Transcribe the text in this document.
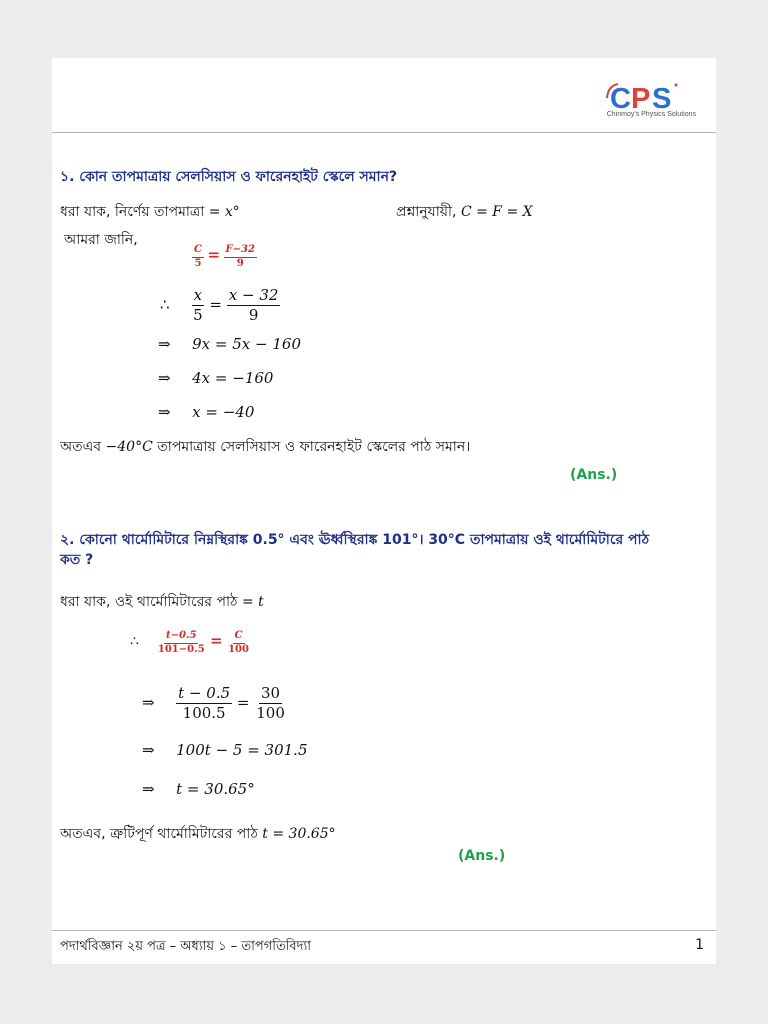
C P S
Chinmoy's Physics Solutions
১. কোন তাপমাত্রায় সেলসিয়াস ও ফারেনহাইট স্কেলে সমান?
ধরা যাক, নির্ণেয় তাপমাত্রা = x°	প্রশ্নানুযায়ী, C = F = X
আমরা জানি,
$\frac{C}{5} = \frac{F-32}{9}$
∴ $\frac{x}{5} = \frac{x - 32}{9}$
⇒ 9x = 5x − 160
⇒ 4x = −160
⇒ x = −40
অতএব −40°C তাপমাত্রায় সেলসিয়াস ও ফারেনহাইট স্কেলের পাঠ সমান।
(Ans.)
২. কোনো থার্মোমিটারে নিম্নস্থিরাঙ্ক 0.5° এবং ঊর্ধ্বস্থিরাঙ্ক 101°। 30°C তাপমাত্রায় ওই থার্মোমিটারে পাঠ
কত ?
ধরা যাক, ওই থার্মোমিটারের পাঠ = t
∴ $\frac{t-0.5}{101-0.5} = \frac{C}{100}$
⇒ $\frac{t - 0.5}{100.5} = \frac{30}{100}$
⇒ 100t − 5 = 301.5
⇒ t = 30.65°
অতএব, ত্রুটিপূর্ণ থার্মোমিটারের পাঠ t = 30.65°
(Ans.)
পদার্থবিজ্ঞান ২য় পত্র – অধ্যায় ১ – তাপগতিবিদ্যা	1
